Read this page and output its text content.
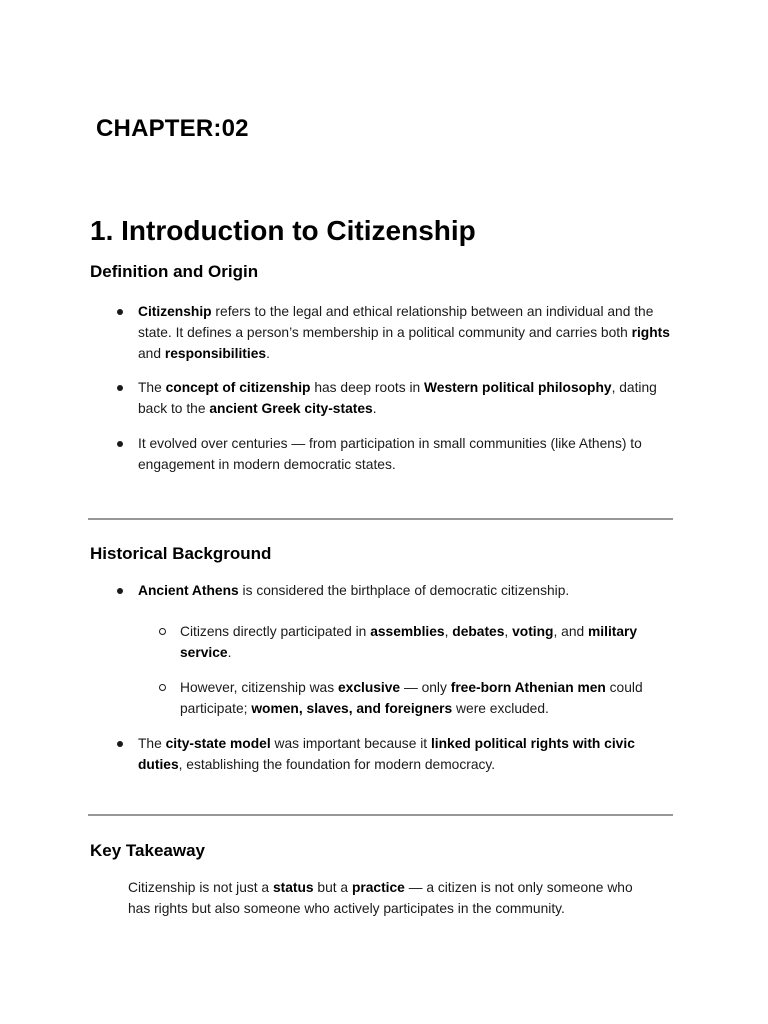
CHAPTER:02
1. Introduction to Citizenship
Definition and Origin
Citizenship refers to the legal and ethical relationship between an individual and the
state. It defines a person’s membership in a political community and carries both rights
and responsibilities.
The concept of citizenship has deep roots in Western political philosophy, dating
back to the ancient Greek city-states.
It evolved over centuries — from participation in small communities (like Athens) to
engagement in modern democratic states.
Historical Background
Ancient Athens is considered the birthplace of democratic citizenship.
Citizens directly participated in assemblies, debates, voting, and military
service.
However, citizenship was exclusive — only free-born Athenian men could
participate; women, slaves, and foreigners were excluded.
The city-state model was important because it linked political rights with civic
duties, establishing the foundation for modern democracy.
Key Takeaway
Citizenship is not just a status but a practice — a citizen is not only someone who
has rights but also someone who actively participates in the community.
